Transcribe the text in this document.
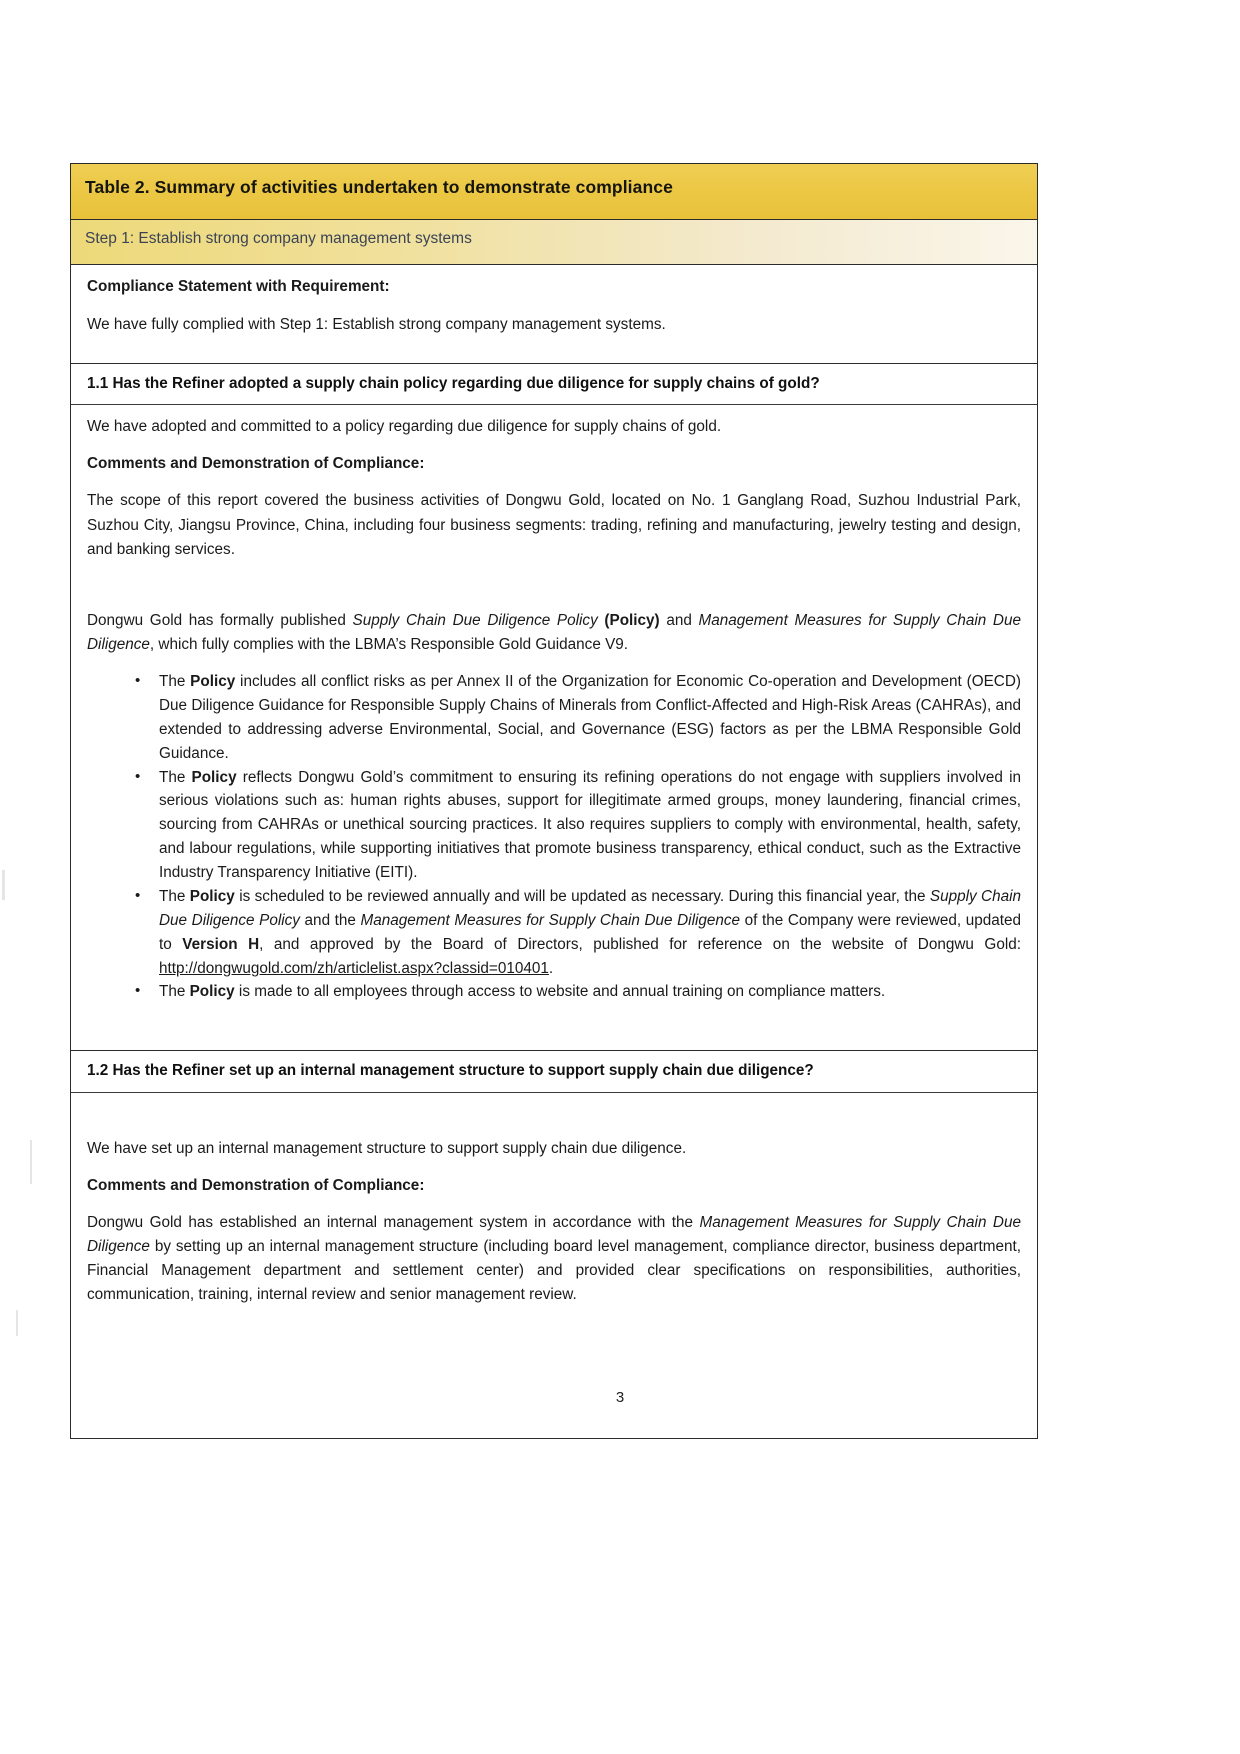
Table 2. Summary of activities undertaken to demonstrate compliance
Step 1: Establish strong company management systems

Compliance Statement with Requirement:

We have fully complied with Step 1: Establish strong company management systems.

1.1 Has the Refiner adopted a supply chain policy regarding due diligence for supply chains of gold?

We have adopted and committed to a policy regarding due diligence for supply chains of gold.

Comments and Demonstration of Compliance:

The scope of this report covered the business activities of Dongwu Gold, located on No. 1 Ganglang Road, Suzhou Industrial Park, Suzhou City, Jiangsu Province, China, including four business segments: trading, refining and manufacturing, jewelry testing and design, and banking services.

Dongwu Gold has formally published Supply Chain Due Diligence Policy (Policy) and Management Measures for Supply Chain Due Diligence, which fully complies with the LBMA’s Responsible Gold Guidance V9.

• The Policy includes all conflict risks as per Annex II of the Organization for Economic Co-operation and Development (OECD) Due Diligence Guidance for Responsible Supply Chains of Minerals from Conflict-Affected and High-Risk Areas (CAHRAs), and extended to addressing adverse Environmental, Social, and Governance (ESG) factors as per the LBMA Responsible Gold Guidance.
• The Policy reflects Dongwu Gold’s commitment to ensuring its refining operations do not engage with suppliers involved in serious violations such as: human rights abuses, support for illegitimate armed groups, money laundering, financial crimes, sourcing from CAHRAs or unethical sourcing practices. It also requires suppliers to comply with environmental, health, safety, and labour regulations, while supporting initiatives that promote business transparency, ethical conduct, such as the Extractive Industry Transparency Initiative (EITI).
• The Policy is scheduled to be reviewed annually and will be updated as necessary. During this financial year, the Supply Chain Due Diligence Policy and the Management Measures for Supply Chain Due Diligence of the Company were reviewed, updated to Version H, and approved by the Board of Directors, published for reference on the website of Dongwu Gold: http://dongwugold.com/zh/articlelist.aspx?classid=010401.
• The Policy is made to all employees through access to website and annual training on compliance matters.
1.2 Has the Refiner set up an internal management structure to support supply chain due diligence?

We have set up an internal management structure to support supply chain due diligence.

Comments and Demonstration of Compliance:

Dongwu Gold has established an internal management system in accordance with the Management Measures for Supply Chain Due Diligence by setting up an internal management structure (including board level management, compliance director, business department, Financial Management department and settlement center) and provided clear specifications on responsibilities, authorities, communication, training, internal review and senior management review.

3
